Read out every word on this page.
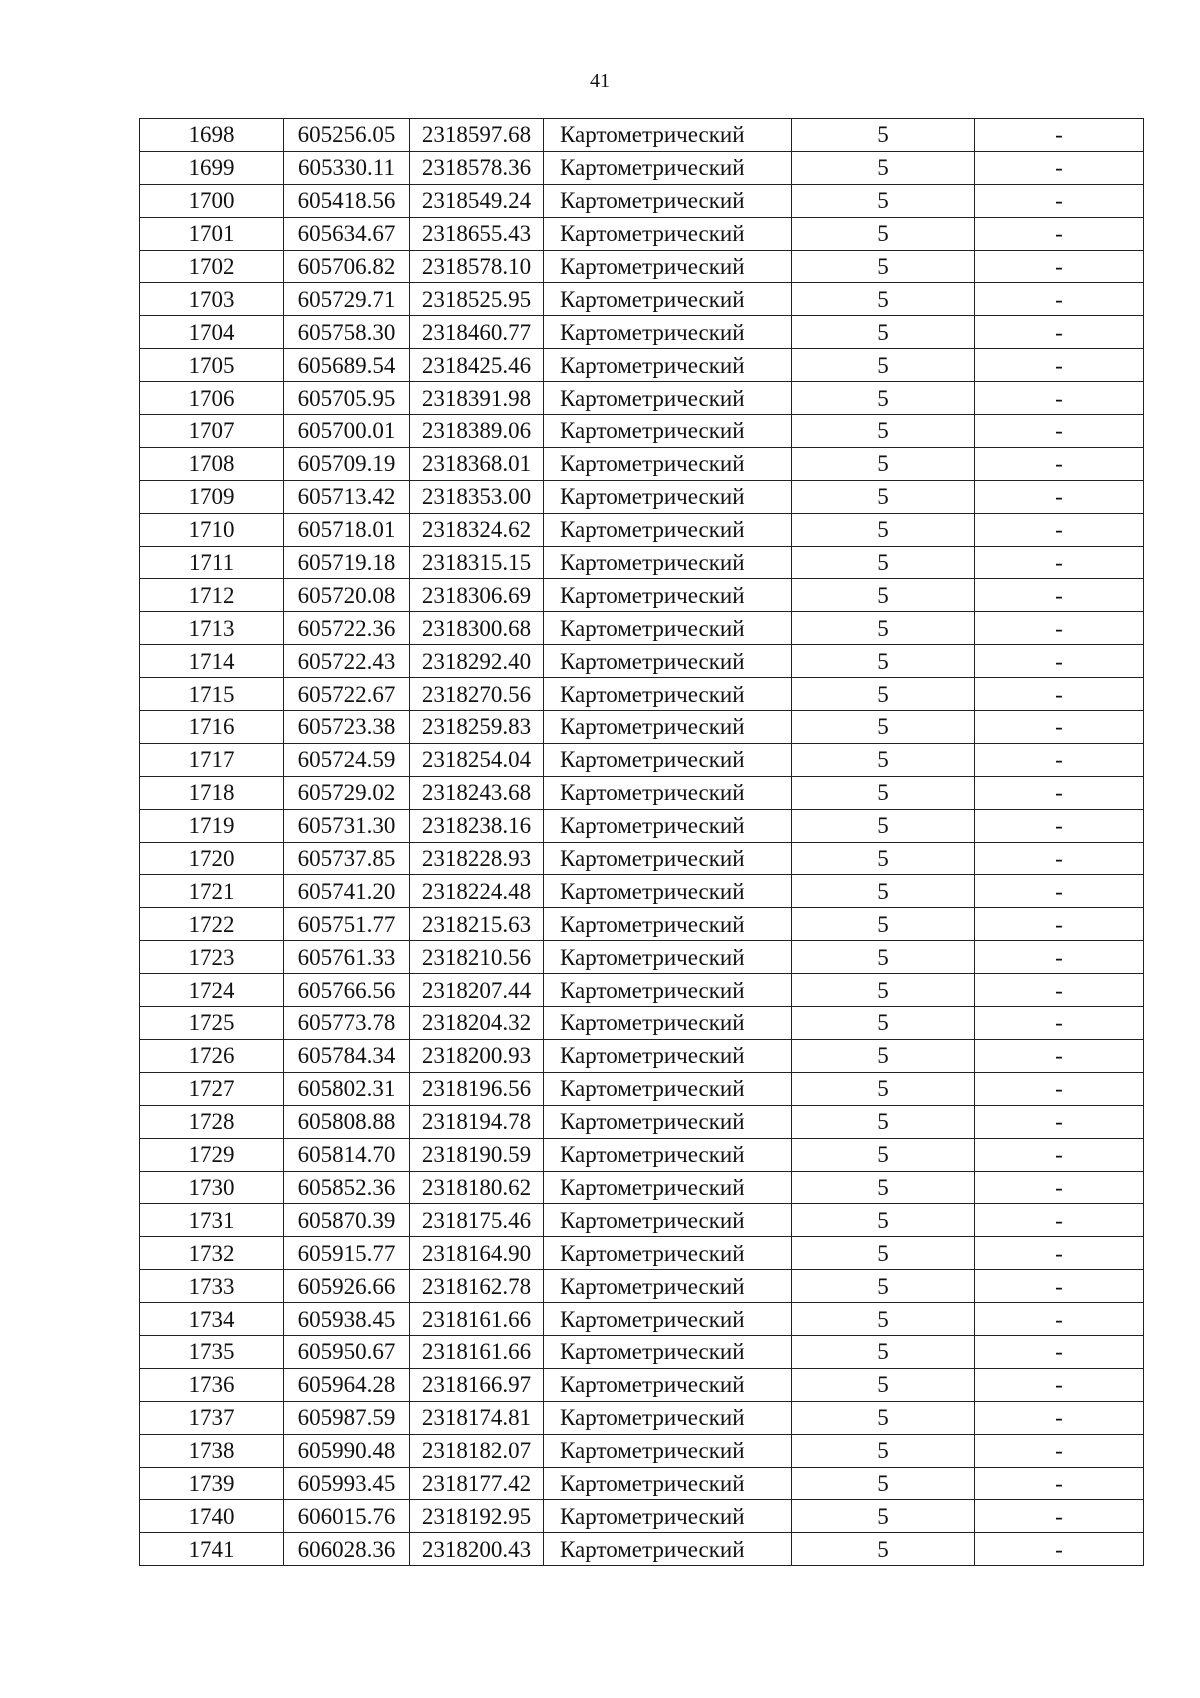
41
1698	605256.05	2318597.68	Картометрический	5	-
1699	605330.11	2318578.36	Картометрический	5	-
1700	605418.56	2318549.24	Картометрический	5	-
1701	605634.67	2318655.43	Картометрический	5	-
1702	605706.82	2318578.10	Картометрический	5	-
1703	605729.71	2318525.95	Картометрический	5	-
1704	605758.30	2318460.77	Картометрический	5	-
1705	605689.54	2318425.46	Картометрический	5	-
1706	605705.95	2318391.98	Картометрический	5	-
1707	605700.01	2318389.06	Картометрический	5	-
1708	605709.19	2318368.01	Картометрический	5	-
1709	605713.42	2318353.00	Картометрический	5	-
1710	605718.01	2318324.62	Картометрический	5	-
1711	605719.18	2318315.15	Картометрический	5	-
1712	605720.08	2318306.69	Картометрический	5	-
1713	605722.36	2318300.68	Картометрический	5	-
1714	605722.43	2318292.40	Картометрический	5	-
1715	605722.67	2318270.56	Картометрический	5	-
1716	605723.38	2318259.83	Картометрический	5	-
1717	605724.59	2318254.04	Картометрический	5	-
1718	605729.02	2318243.68	Картометрический	5	-
1719	605731.30	2318238.16	Картометрический	5	-
1720	605737.85	2318228.93	Картометрический	5	-
1721	605741.20	2318224.48	Картометрический	5	-
1722	605751.77	2318215.63	Картометрический	5	-
1723	605761.33	2318210.56	Картометрический	5	-
1724	605766.56	2318207.44	Картометрический	5	-
1725	605773.78	2318204.32	Картометрический	5	-
1726	605784.34	2318200.93	Картометрический	5	-
1727	605802.31	2318196.56	Картометрический	5	-
1728	605808.88	2318194.78	Картометрический	5	-
1729	605814.70	2318190.59	Картометрический	5	-
1730	605852.36	2318180.62	Картометрический	5	-
1731	605870.39	2318175.46	Картометрический	5	-
1732	605915.77	2318164.90	Картометрический	5	-
1733	605926.66	2318162.78	Картометрический	5	-
1734	605938.45	2318161.66	Картометрический	5	-
1735	605950.67	2318161.66	Картометрический	5	-
1736	605964.28	2318166.97	Картометрический	5	-
1737	605987.59	2318174.81	Картометрический	5	-
1738	605990.48	2318182.07	Картометрический	5	-
1739	605993.45	2318177.42	Картометрический	5	-
1740	606015.76	2318192.95	Картометрический	5	-
1741	606028.36	2318200.43	Картометрический	5	-
